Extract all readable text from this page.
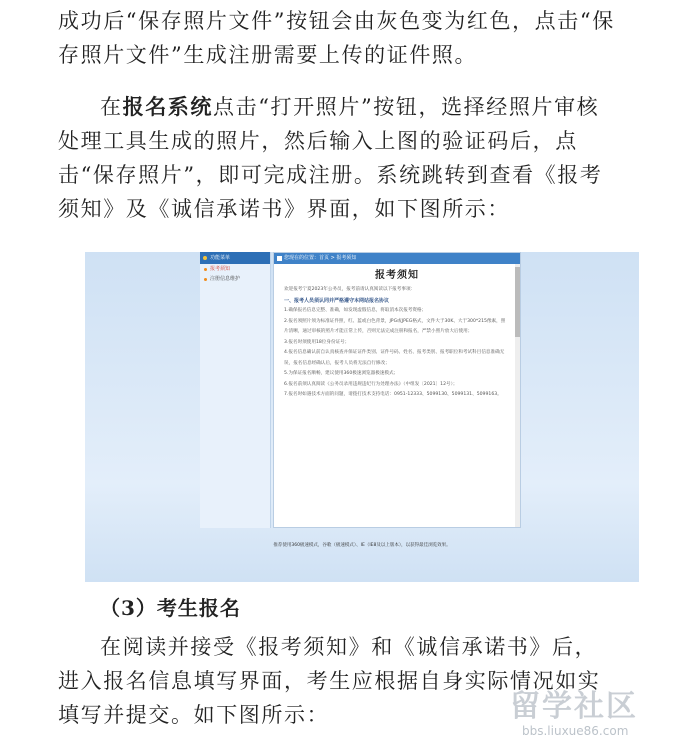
成功后“保存照片文件”按钮会由灰色变为红色，点击“保存照片文件”生成注册需要上传的证件照。

在报名系统点击“打开照片”按钮，选择经照片审核处理工具生成的照片，然后输入上图的验证码后，点击“保存照片”，即可完成注册。系统跳转到查看《报考须知》及《诚信承诺书》界面，如下图所示：

功能菜单
报考须知
注册信息维护
您现在的位置：首页 > 报考须知
报考须知
欢迎报考宁夏2023年公务员，报考前请认真阅读以下报考事项：
一、报考人员须认同并严格遵守本网站报名协议
1.确保报名信息完整、准确，如发现虚假信息，将取消本次报考资格；
2.报名须照片须为标准证件照，红、蓝或白色背景，JPG或JPEG格式，文件大于30K、大于300*215像素，照片清晰，通过审核的照片才能正常上传，否则无法完成注册和报名，严禁小照片放大后使用；
3.报名时须使用18位身份证号；
4.报名信息确认前自认真核查并保证证件类别、证件号码、姓名、报考类别、报考职位和考试科目信息准确无误，报名信息经确认后，报考人员将无法自行修改；
5.为保证报名顺畅，建议使用360极速浏览器极速模式；
6.报名前须认真阅读《公务员录用违规违纪行为处理办法》（中组发〔2021〕12号）；
7.报名时如遇技术方面的问题，请拨打技术支持电话：0951-12333、5099130、5099131、5099163。
推荐使用360极速模式，谷歌（极速模式）、IE（IE8及以上版本），以获得最佳浏览效果。

（3）考生报名

在阅读并接受《报考须知》和《诚信承诺书》后，进入报名信息填写界面，考生应根据自身实际情况如实填写并提交。如下图所示：	留学社区
bbs.liuxue86.com
